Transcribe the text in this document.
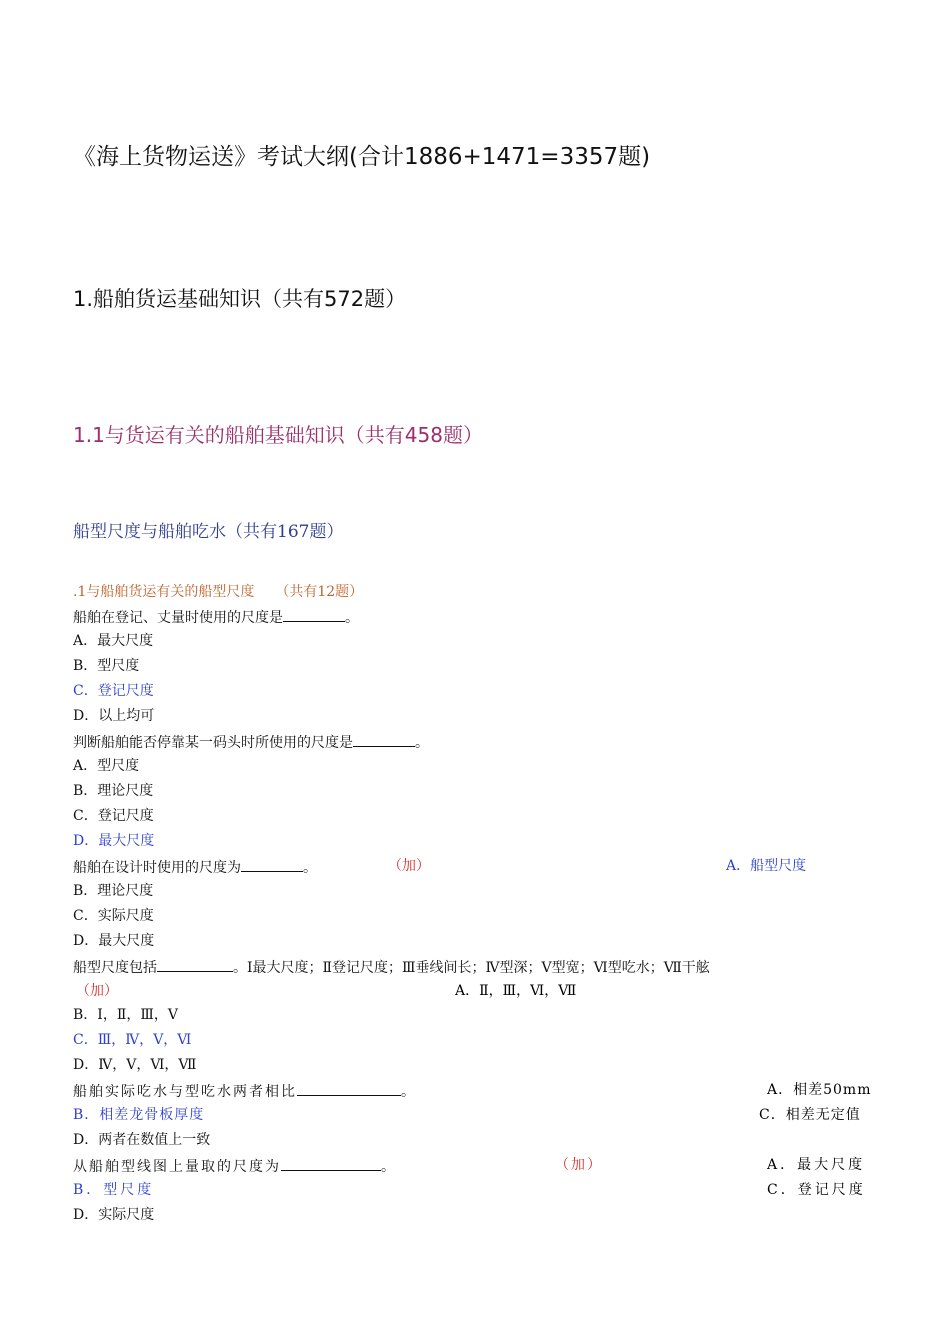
《海上货物运送》考试大纲(合计1886+1471=3357题)
1.船舶货运基础知识（共有572题）
1.1与货运有关的船舶基础知识（共有458题）
船型尺度与船舶吃水（共有167题）
.1与船舶货运有关的船型尺度　　（共有12题）
船舶在登记、丈量时使用的尺度是	。
A．最大尺度
B．型尺度
C．登记尺度
D．以上均可
判断船舶能否停靠某一码头时所使用的尺度是	。
A．型尺度
B．理论尺度
C．登记尺度
D．最大尺度
船舶在设计时使用的尺度为	。	（加）	A．船型尺度
B．理论尺度
C．实际尺度
D．最大尺度
船型尺度包括	。Ⅰ最大尺度；Ⅱ登记尺度；Ⅲ垂线间长；Ⅳ型深；Ⅴ型宽；Ⅵ型吃水；Ⅶ干舷
（加）	A．Ⅱ，Ⅲ，Ⅵ，Ⅶ
B．Ⅰ，Ⅱ，Ⅲ，Ⅴ
C．Ⅲ，Ⅳ，Ⅴ，Ⅵ
D．Ⅳ，Ⅴ，Ⅵ，Ⅶ
船舶实际吃水与型吃水两者相比	。	A．相差50mm
B．相差龙骨板厚度	C．相差无定值
D．两者在数值上一致
从船舶型线图上量取的尺度为	。	（加）	A．最大尺度
B．型尺度	C．登记尺度
D．实际尺度
